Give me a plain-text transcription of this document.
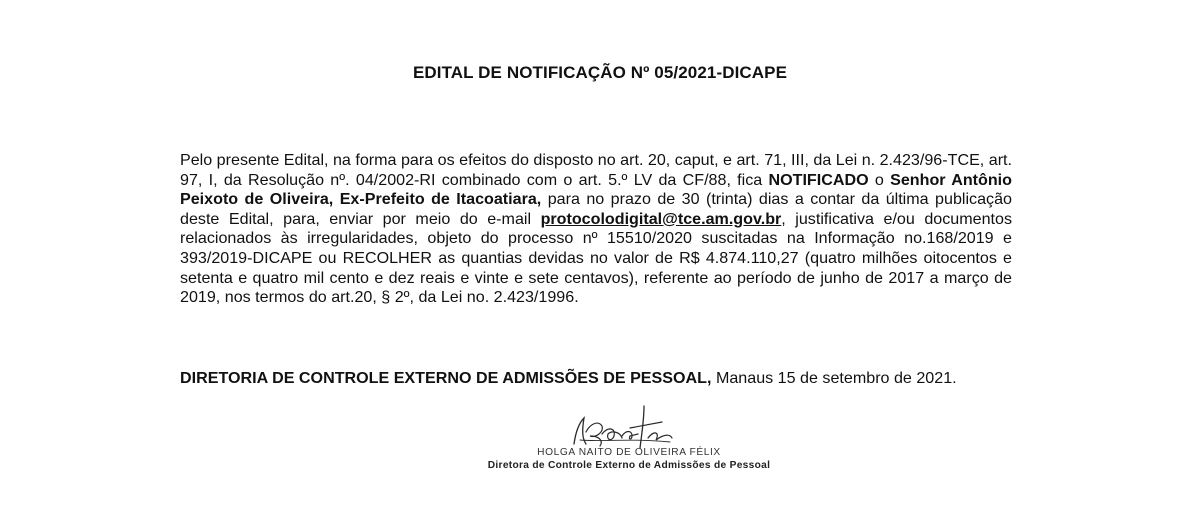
EDITAL DE NOTIFICAÇÃO Nº 05/2021-DICAPE
Pelo presente Edital, na forma para os efeitos do disposto no art. 20, caput, e art. 71, III, da Lei n. 2.423/96-TCE, art. 97, I, da Resolução nº. 04/2002-RI combinado com o art. 5.º LV da CF/88, fica NOTIFICADO o Senhor Antônio Peixoto de Oliveira, Ex-Prefeito de Itacoatiara, para no prazo de 30 (trinta) dias a contar da última publicação deste Edital, para, enviar por meio do e-mail protocolodigital@tce.am.gov.br, justificativa e/ou documentos relacionados às irregularidades, objeto do processo nº 15510/2020 suscitadas na Informação no.168/2019 e 393/2019-DICAPE ou RECOLHER as quantias devidas no valor de R$ 4.874.110,27 (quatro milhões oitocentos e setenta e quatro mil cento e dez reais e vinte e sete centavos), referente ao período de junho de 2017 a março de 2019, nos termos do art.20, § 2º, da Lei no. 2.423/1996.
DIRETORIA DE CONTROLE EXTERNO DE ADMISSÕES DE PESSOAL, Manaus 15 de setembro de 2021.
HOLGA NAITO DE OLIVEIRA FÉLIX
Diretora de Controle Externo de Admissões de Pessoal
